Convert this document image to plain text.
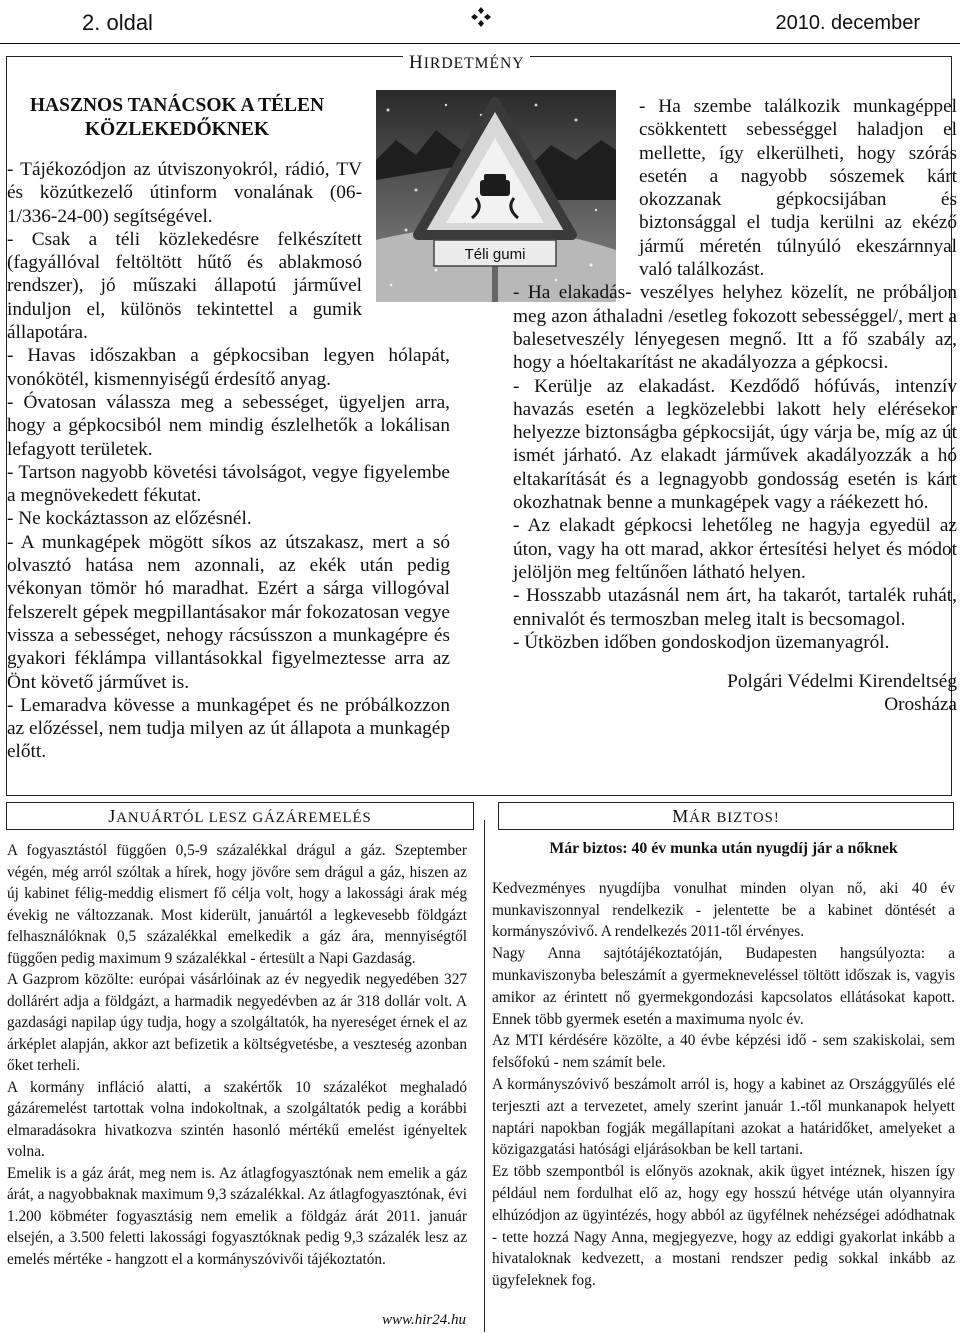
2. oldal	2010. december
HIRDETMÉNY
HASZNOS TANÁCSOK A TÉLEN
KÖZLEKEDŐKNEK

- Tájékozódjon az útviszonyokról, rádió, TV és közútkezelő útinform vonalának (06-1/336-24-00) segítségével.

- Csak a téli közlekedésre felkészített (fagyállóval feltöltött hűtő és ablakmosó rendszer), jó műszaki állapotú járművel induljon el, különös tekintettel a gumik állapotára.

- Havas időszakban a gépkocsiban legyen hólapát, vonókötél, kismennyiségű érdesítő anyag.

- Óvatosan válassza meg a sebességet, ügyeljen arra, hogy a gépkocsiból nem mindig észlelhetők a lokálisan lefagyott területek.

- Tartson nagyobb követési távolságot, vegye figyelembe a megnövekedett fékutat.

- Ne kockáztasson az előzésnél.

- A munkagépek mögött síkos az útszakasz, mert a só olvasztó hatása nem azonnali, az ekék után pedig vékonyan tömör hó maradhat. Ezért a sárga villogóval felszerelt gépek megpillantásakor már fokozatosan vegye vissza a sebességet, nehogy rácsússzon a munkagépre és gyakori féklámpa villantásokkal figyelmeztesse arra az Önt követő járművet is.

- Lemaradva kövesse a munkagépet és ne próbálkozzon az előzéssel, nem tudja milyen az út állapota a munkagép előtt.

Téli gumi

- Ha szembe találkozik munkagéppel csökkentett sebességgel haladjon el mellette, így elkerülheti, hogy szórás esetén a nagyobb sószemek kárt okozzanak gépkocsijában és biztonsággal el tudja kerülni az ekéző jármű méretén túlnyúló ekeszárnnyal való találkozást.

- Ha elakadás- veszélyes helyhez közelít, ne próbáljon meg azon áthaladni /esetleg fokozott sebességgel/, mert a balesetveszély lényegesen megnő. Itt a fő szabály az, hogy a hóeltakarítást ne akadályozza a gépkocsi.

- Kerülje az elakadást. Kezdődő hófúvás, intenzív havazás esetén a legközelebbi lakott hely elérésekor helyezze biztonságba gépkocsiját, úgy várja be, míg az út ismét járható. Az elakadt járművek akadályozzák a hó eltakarítását és a legnagyobb gondosság esetén is kárt okozhatnak benne a munkagépek vagy a ráékezett hó.

- Az elakadt gépkocsi lehetőleg ne hagyja egyedül az úton, vagy ha ott marad, akkor értesítési helyet és módot jelöljön meg feltűnően látható helyen.

- Hosszabb utazásnál nem árt, ha takarót, tartalék ruhát, ennivalót és termoszban meleg italt is becsomagol.

- Útközben időben gondoskodjon üzemanyagról.

Polgári Védelmi Kirendeltség
Orosháza

JANUÁRTÓL LESZ GÁZÁREMELÉS

A fogyasztástól függően 0,5-9 százalékkal drágul a gáz. Szeptember végén, még arról szóltak a hírek, hogy jövőre sem drágul a gáz, hiszen az új kabinet félig-meddig elismert fő célja volt, hogy a lakossági árak még évekig ne változzanak. Most kiderült, januártól a legkevesebb földgázt felhasználóknak 0,5 százalékkal emelkedik a gáz ára, mennyiségtől függően pedig maximum 9 százalékkal - értesült a Napi Gazdaság.

A Gazprom közölte: európai vásárlóinak az év negyedik negyedében 327 dollárért adja a földgázt, a harmadik negyedévben az ár 318 dollár volt. A gazdasági napilap úgy tudja, hogy a szolgáltatók, ha nyereséget érnek el az árképlet alapján, akkor azt befizetik a költségvetésbe, a veszteség azonban őket terheli.

A kormány infláció alatti, a szakértők 10 százalékot meghaladó gázáremelést tartottak volna indokoltnak, a szolgáltatók pedig a korábbi elmaradásokra hivatkozva szintén hasonló mértékű emelést igényeltek volna.

Emelik is a gáz árát, meg nem is. Az átlagfogyasztónak nem emelik a gáz árát, a nagyobbaknak maximum 9,3 százalékkal. Az átlagfogyasztónak, évi 1.200 köbméter fogyasztásig nem emelik a földgáz árát 2011. január elsején, a 3.500 feletti lakossági fogyasztóknak pedig 9,3 százalék lesz az emelés mértéke - hangzott el a kormányszóvivői tájékoztatón.

www.hir24.hu
MÁR BIZTOS!

Már biztos: 40 év munka után nyugdíj jár a nőknek

Kedvezményes nyugdíjba vonulhat minden olyan nő, aki 40 év munkaviszonnyal rendelkezik - jelentette be a kabinet döntését a kormányszóvivő. A rendelkezés 2011-től érvényes.

Nagy Anna sajtótájékoztatóján, Budapesten hangsúlyozta: a munkaviszonyba beleszámít a gyermekneveléssel töltött időszak is, vagyis amikor az érintett nő gyermekgondozási kapcsolatos ellátásokat kapott. Ennek több gyermek esetén a maximuma nyolc év.

Az MTI kérdésére közölte, a 40 évbe képzési idő - sem szakiskolai, sem felsőfokú - nem számít bele.

A kormányszóvivő beszámolt arról is, hogy a kabinet az Országgyűlés elé terjeszti azt a tervezetet, amely szerint január 1.-től munkanapok helyett naptári napokban fogják megállapítani azokat a határidőket, amelyeket a közigazgatási hatósági eljárásokban be kell tartani.

Ez több szempontból is előnyös azoknak, akik ügyet intéznek, hiszen így például nem fordulhat elő az, hogy egy hosszú hétvége után olyannyira elhúzódjon az ügyintézés, hogy abból az ügyfélnek nehézségei adódhatnak - tette hozzá Nagy Anna, megjegyezve, hogy az eddigi gyakorlat inkább a hivataloknak kedvezett, a mostani rendszer pedig sokkal inkább az ügyfeleknek fog.
